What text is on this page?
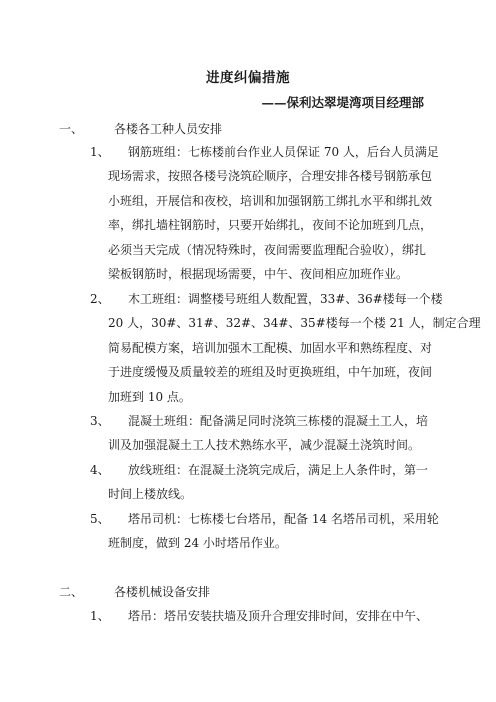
进度纠偏措施
——保利达翠堤湾项目经理部
一、	各楼各工种人员安排
1、 钢筋班组：七栋楼前台作业人员保证 70 人，后台人员满足
现场需求，按照各楼号浇筑砼顺序，合理安排各楼号钢筋承包
小班组，开展信和夜校，培训和加强钢筋工绑扎水平和绑扎效
率，绑扎墙柱钢筋时，只要开始绑扎，夜间不论加班到几点，
必须当天完成（情况特殊时，夜间需要监理配合验收），绑扎
梁板钢筋时，根据现场需要，中午、夜间相应加班作业。
2、 木工班组：调整楼号班组人数配置，33#、36#楼每一个楼
20 人，30#、31#、32#、34#、35#楼每一个楼 21 人，制定合理
简易配模方案，培训加强木工配模、加固水平和熟练程度、对
于进度缓慢及质量较差的班组及时更换班组，中午加班，夜间
加班到 10 点。
3、 混凝土班组：配备满足同时浇筑三栋楼的混凝土工人，培
训及加强混凝土工人技术熟练水平，减少混凝土浇筑时间。
4、 放线班组：在混凝土浇筑完成后，满足上人条件时，第一
时间上楼放线。
5、 塔吊司机：七栋楼七台塔吊，配备 14 名塔吊司机，采用轮
班制度，做到 24 小时塔吊作业。
二、	各楼机械设备安排
1、 塔吊：塔吊安装扶墙及顶升合理安排时间，安排在中午、
